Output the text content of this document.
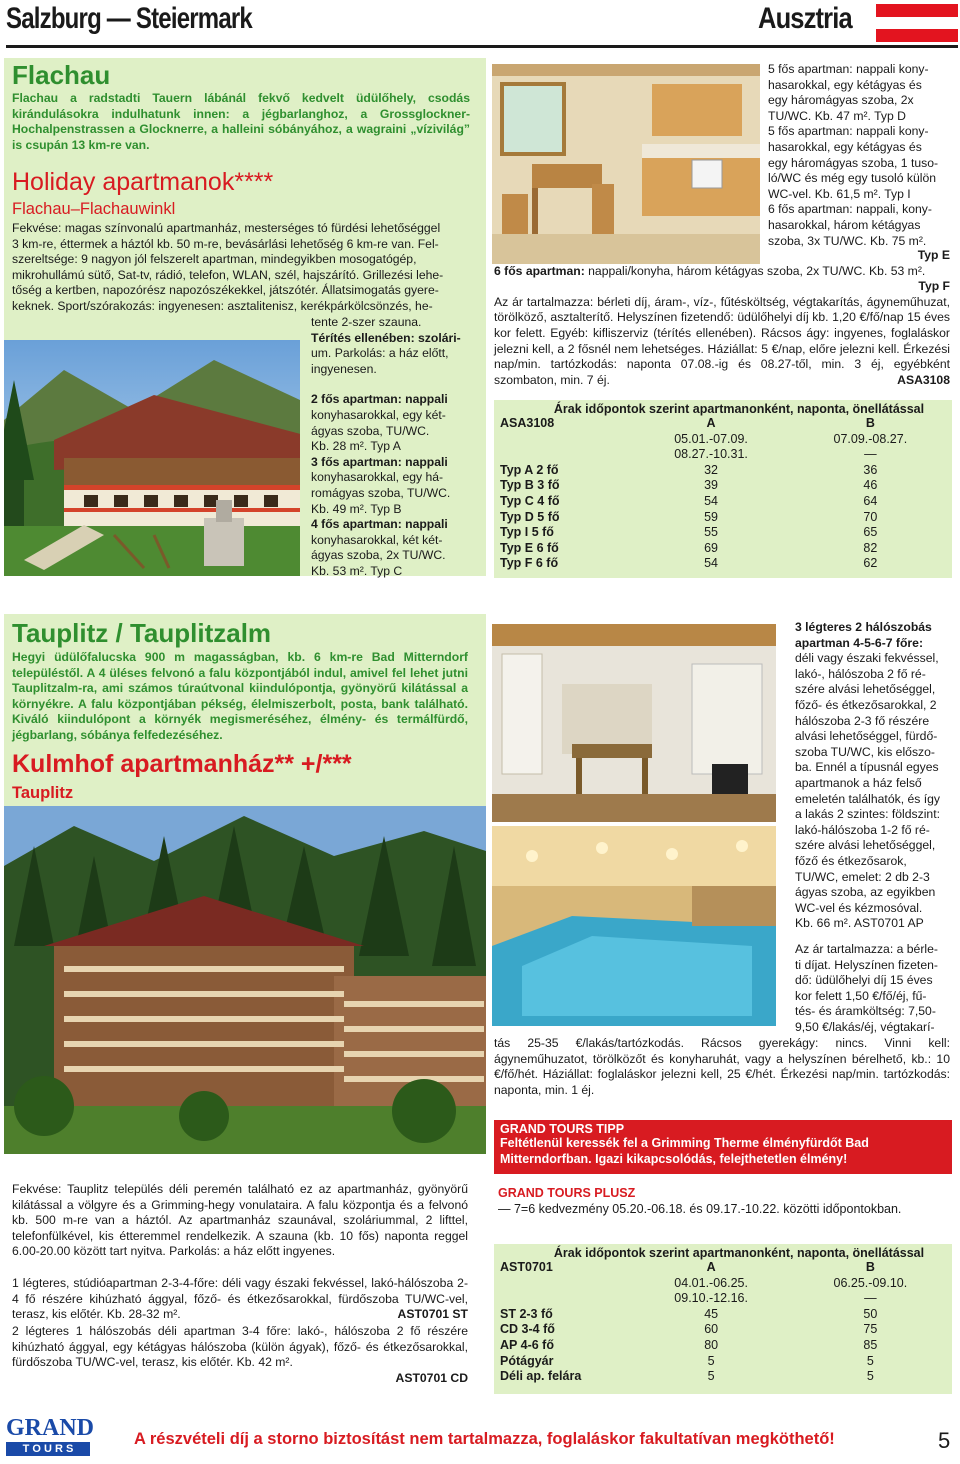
Salzburg — Steiermark	Ausztria
Flachau
Flachau a radstadti Tauern lábánál fekvő kedvelt üdülőhely, csodás kirándulásokra indulhatunk innen: a jégbarlanghoz, a Grossglockner-Hochalpenstrassen a Glocknerre, a halleini sóbányához, a wagraini „vízivilág” is csupán 13 km-re van.
Holiday apartmanok****
Flachau–Flachauwinkl
Fekvése: magas színvonalú apartmanház, mesterséges tó fürdési lehetőséggel
3 km-re, éttermek a háztól kb. 50 m-re, bevásárlási lehetőség 6 km-re van. Fel-
szereltsége: 9 nagyon jól felszerelt apartman, mindegyikben mosogatógép,
mikrohullámú sütő, Sat-tv, rádió, telefon, WLAN, szél, hajszárító. Grillezési lehe-
tőség a kertben, napozórész napozószékekkel, játszótér. Állatsimogatás gyere-
keknek. Sport/szórakozás: ingyenesen: asztalitenisz, kerékpárkölcsönzés, he-
tente 2-szer szauna.
Térítés ellenében: szolári-
um. Parkolás: a ház előtt,
ingyenesen.
2 fős apartman: nappali
konyhasarokkal, egy két-
ágyas szoba, TU/WC.
Kb. 28 m². Typ A
3 fős apartman: nappali
konyhasarokkal, egy há-
romágyas szoba, TU/WC.
Kb. 49 m². Typ B
4 fős apartman: nappali
konyhasarokkal, két két-
ágyas szoba, 2x TU/WC.
Kb. 53 m². Typ C
5 fős apartman: nappali kony-
hasarokkal, egy kétágyas és
egy háromágyas szoba, 2x
TU/WC. Kb. 47 m². Typ D
5 fős apartman: nappali kony-
hasarokkal, egy kétágyas és
egy háromágyas szoba, 1 tuso-
ló/WC és még egy tusoló külön
WC-vel. Kb. 61,5 m². Typ I
6 fős apartman: nappali, kony-
hasarokkal, három kétágyas
szoba, 3x TU/WC. Kb. 75 m².
Typ E
6 fős apartman: nappali/konyha, három kétágyas szoba, 2x TU/WC. Kb. 53 m².
Typ F
Az ár tartalmazza: bérleti díj, áram-, víz-, fűtésköltség, végtakarítás, ágyneműhuzat, törölköző, asztalterítő. Helyszínen fizetendő: üdülőhelyi díj kb. 1,20 €/fő/nap 15 éves kor felett. Egyéb: kifliszerviz (térítés ellenében). Rácsos ágy: ingyenes, foglaláskor jelezni kell, a 2 fősnél nem lehetséges. Háziállat: 5 €/nap, előre jelezni kell. Érkezési nap/min. tartózkodás: naponta 07.08.-ig és 08.27-től, min. 3 éj, egyébként szombaton, min. 7 éj.	ASA3108
Árak időpontok szerint apartmanonként, naponta, önellátással
ASA3108	A	B
	05.01.-07.09.	07.09.-08.27.
	08.27.-10.31.	—
Typ A 2 fő	32	36
Typ B 3 fő	39	46
Typ C 4 fő	54	64
Typ D 5 fő	59	70
Typ I 5 fő	55	65
Typ E 6 fő	69	82
Typ F 6 fő	54	62
Tauplitz / Tauplitzalm
Hegyi üdülőfalucska 900 m magasságban, kb. 6 km-re Bad Mitterndorf településtől. A 4 üléses felvonó a falu központjából indul, amivel fel lehet jutni Tauplitzalm-ra, ami számos túraútvonal kiindulópontja, gyönyörű kilátással a környékre. A falu központjában pékség, élelmiszerbolt, posta, bank található. Kiváló kiindulópont a környék megismeréséhez, élmény- és termálfürdő, jégbarlang, sóbánya felfedezéséhez.
Kulmhof apartmanház** +/***
Tauplitz
Fekvése: Tauplitz település déli peremén található ez az apartmanház, gyönyörű kilátással a völgyre és a Grimming-hegy vonulataira. A falu központja és a felvonó kb. 500 m-re van a háztól. Az apartmanház szaunával, szoláriummal, 2 lifttel, telefonfülkével, kis étteremmel rendelkezik. A szauna (kb. 10 fős) naponta reggel 6.00-20.00 között tart nyitva. Parkolás: a ház előtt ingyenes.
1 légteres, stúdióapartman 2-3-4-főre: déli vagy északi fekvéssel, lakó-hálószoba 2-4 fő részére kihúzható ággyal, főző- és étkezősarokkal, fürdőszoba TU/WC-vel, terasz, kis előtér. Kb. 28-32 m².	AST0701 ST
2 légteres 1 hálószobás déli apartman 3-4 főre: lakó-, hálószoba 2 fő részére kihúzható ággyal, egy kétágyas hálószoba (külön ágyak), főző- és étkezősarokkal, fürdőszoba TU/WC-vel, terasz, kis előtér. Kb. 42 m².
AST0701 CD
3 légteres 2 hálószobás
apartman 4-5-6-7 főre:
déli vagy északi fekvéssel,
lakó-, hálószoba 2 fő ré-
szére alvási lehetőséggel,
főző- és étkezősarokkal, 2
hálószoba 2-3 fő részére
alvási lehetőséggel, fürdő-
szoba TU/WC, kis előszo-
ba. Ennél a típusnál egyes
apartmanok a ház felső
emeletén találhatók, és így
a lakás 2 szintes: földszint:
lakó-hálószoba 1-2 fő ré-
szére alvási lehetőséggel,
főző és étkezősarok,
TU/WC, emelet: 2 db 2-3
ágyas szoba, az egyikben
WC-vel és kézmosóval.
Kb. 66 m². AST0701 AP
Az ár tartalmazza: a bérle-
ti díjat. Helyszínen fizeten-
dő: üdülőhelyi díj 15 éves
kor felett 1,50 €/fő/éj, fű-
tés- és áramköltség: 7,50-
9,50 €/lakás/éj, végtakarí-
tás 25-35 €/lakás/tartózkodás. Rácsos gyerekágy: nincs. Vinni kell: ágyneműhuzatot, törölközőt és konyharuhát, vagy a helyszínen bérelhető, kb.: 10 €/fő/hét. Háziállat: foglaláskor jelezni kell, 25 €/hét. Érkezési nap/min. tartózkodás: naponta, min. 1 éj.
GRAND TOURS TIPP
Feltétlenül keressék fel a Grimming Therme élményfürdőt Bad Mitterndorfban. Igazi kikapcsolódás, felejthetetlen élmény!
GRAND TOURS PLUSZ
— 7=6 kedvezmény 05.20.-06.18. és 09.17.-10.22. közötti időpontokban.
Árak időpontok szerint apartmanonként, naponta, önellátással
AST0701	A	B
	04.01.-06.25.	06.25.-09.10.
	09.10.-12.16.	—
ST 2-3 fő	45	50
CD 3-4 fő	60	75
AP 4-6 fő	80	85
Pótágyár	5	5
Déli ap. felára	5	5
GRAND
T O U R S
A részvételi díj a storno biztosítást nem tartalmazza, foglaláskor fakultatívan megköthető!	5
